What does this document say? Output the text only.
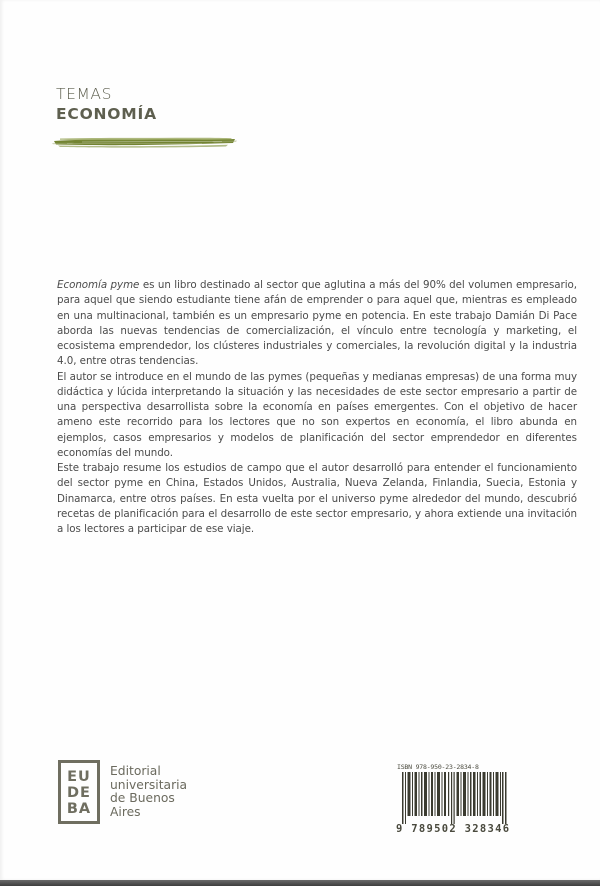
TEMAS
ECONOMÍA

Economía pyme es un libro destinado al sector que aglutina a más del 90% del volumen empresario, para aquel que siendo estudiante tiene afán de emprender o para aquel que, mientras es empleado en una multinacional, también es un empresario pyme en potencia. En este trabajo Damián Di Pace aborda las nuevas tendencias de comercialización, el vínculo entre tecnología y marketing, el ecosistema emprendedor, los clústeres industriales y comerciales, la revolución digital y la industria 4.0, entre otras tendencias.

El autor se introduce en el mundo de las pymes (pequeñas y medianas empresas) de una forma muy didáctica y lúcida interpretando la situación y las necesidades de este sector empresario a partir de una perspectiva desarrollista sobre la economía en países emergentes. Con el objetivo de hacer ameno este recorrido para los lectores que no son expertos en economía, el libro abunda en ejemplos, casos empresarios y modelos de planificación del sector emprendedor en diferentes economías del mundo.

Este trabajo resume los estudios de campo que el autor desarrolló para entender el funcionamiento del sector pyme en China, Estados Unidos, Australia, Nueva Zelanda, Finlandia, Suecia, Estonia y Dinamarca, entre otros países. En esta vuelta por el universo pyme alrededor del mundo, descubrió recetas de planificación para el desarrollo de este sector empresario, y ahora extiende una invitación a los lectores a participar de ese viaje.

EU
DE
BA
Editorial
universitaria
de Buenos
Aires
ISBN 978-950-23-2834-8
9 789502 328346
